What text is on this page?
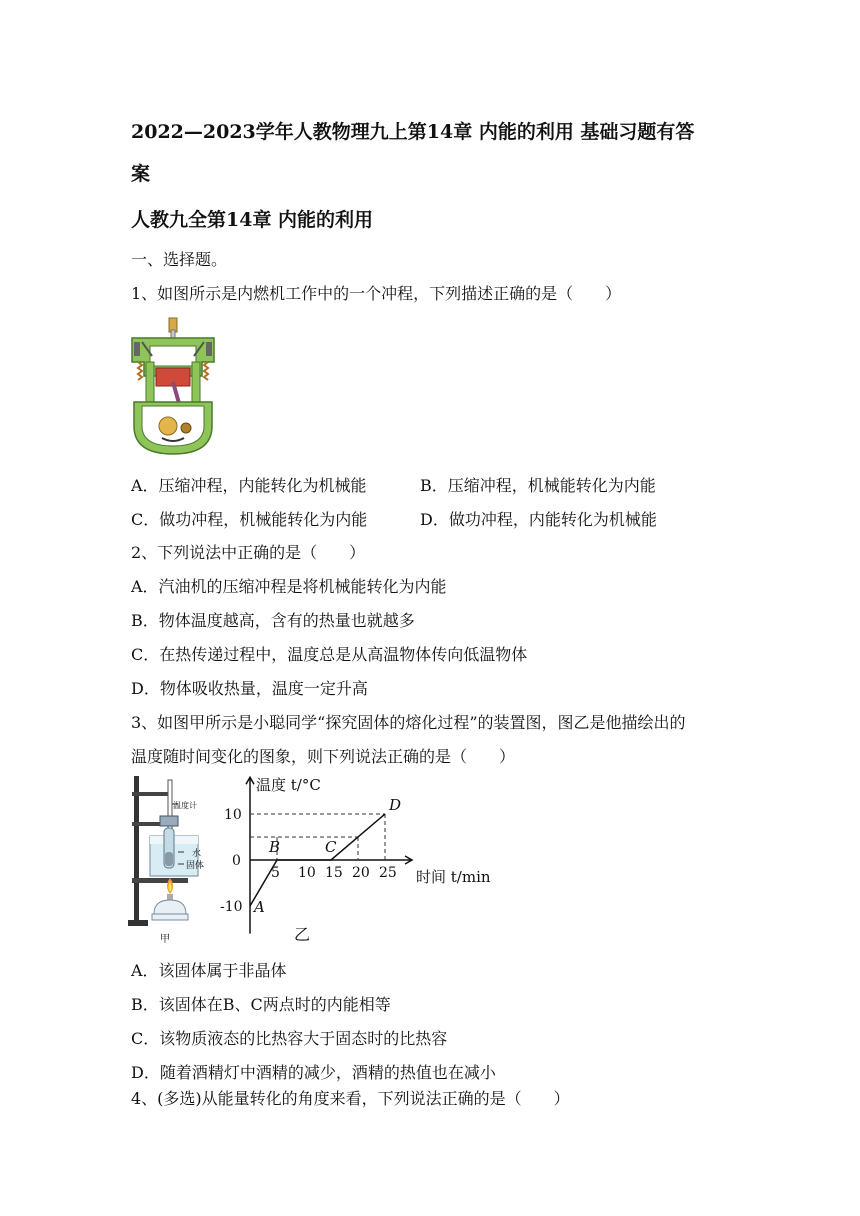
2022—2023学年人教物理九上第14章 内能的利用 基础习题有答
案
人教九全第14章 内能的利用
一、选择题。
1、如图所示是内燃机工作中的一个冲程，下列描述正确的是（　　）
A．压缩冲程，内能转化为机械能	B．压缩冲程，机械能转化为内能
C．做功冲程，机械能转化为内能	D．做功冲程，内能转化为机械能
2、下列说法中正确的是（　　）
A．汽油机的压缩冲程是将机械能转化为内能
B．物体温度越高，含有的热量也就越多
C．在热传递过程中，温度总是从高温物体传向低温物体
D．物体吸收热量，温度一定升高
3、如图甲所示是小聪同学“探究固体的熔化过程”的装置图，图乙是他描绘出的
温度随时间变化的图象，则下列说法正确的是（　　）
温度计
水
固体
甲
A
B	C
D
5 10 15 20 25
10
0
-10
温度 t/°C
时间 t/min
乙
A．该固体属于非晶体
B．该固体在B、C两点时的内能相等
C．该物质液态的比热容大于固态时的比热容
D．随着酒精灯中酒精的减少，酒精的热值也在减小
4、(多选)从能量转化的角度来看，下列说法正确的是（　　）
